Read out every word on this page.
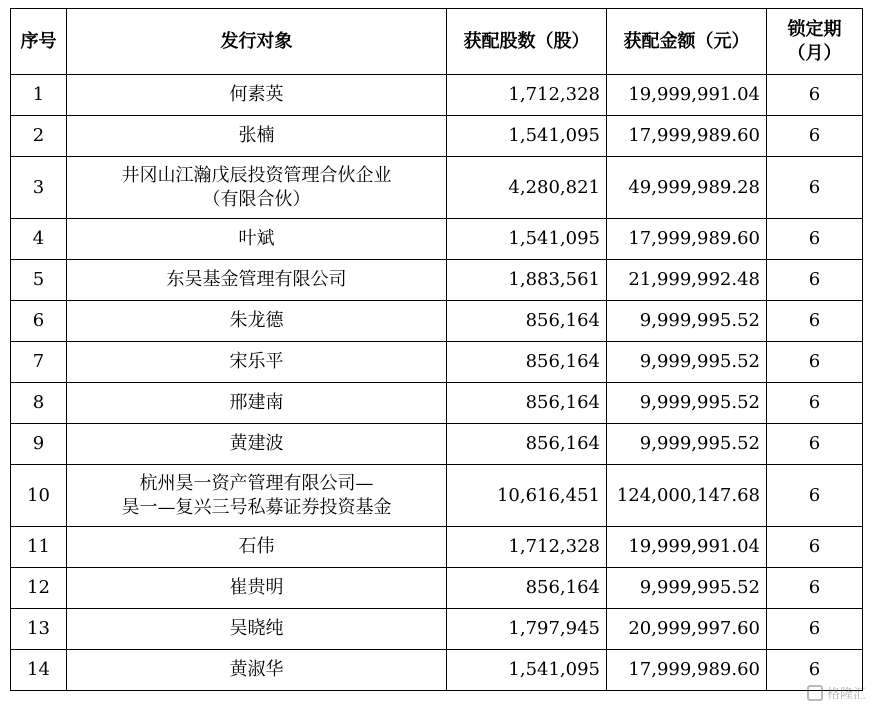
序号	发行对象	获配股数（股）	获配金额（元）	锁定期（月）
1	何素英	1,712,328	19,999,991.04	6
2	张楠	1,541,095	17,999,989.60	6
3	井冈山江瀚戊辰投资管理合伙企业
（有限合伙）	4,280,821	49,999,989.28	6
4	叶斌	1,541,095	17,999,989.60	6
5	东吴基金管理有限公司	1,883,561	21,999,992.48	6
6	朱龙德	856,164	9,999,995.52	6
7	宋乐平	856,164	9,999,995.52	6
8	邢建南	856,164	9,999,995.52	6
9	黄建波	856,164	9,999,995.52	6
10	杭州昊一资产管理有限公司—
昊一—复兴三号私募证券投资基金	10,616,451	124,000,147.68	6
11	石伟	1,712,328	19,999,991.04	6
12	崔贵明	856,164	9,999,995.52	6
13	吴晓纯	1,797,945	20,999,997.60	6
14	黄淑华	1,541,095	17,999,989.60	6
格隆汇
